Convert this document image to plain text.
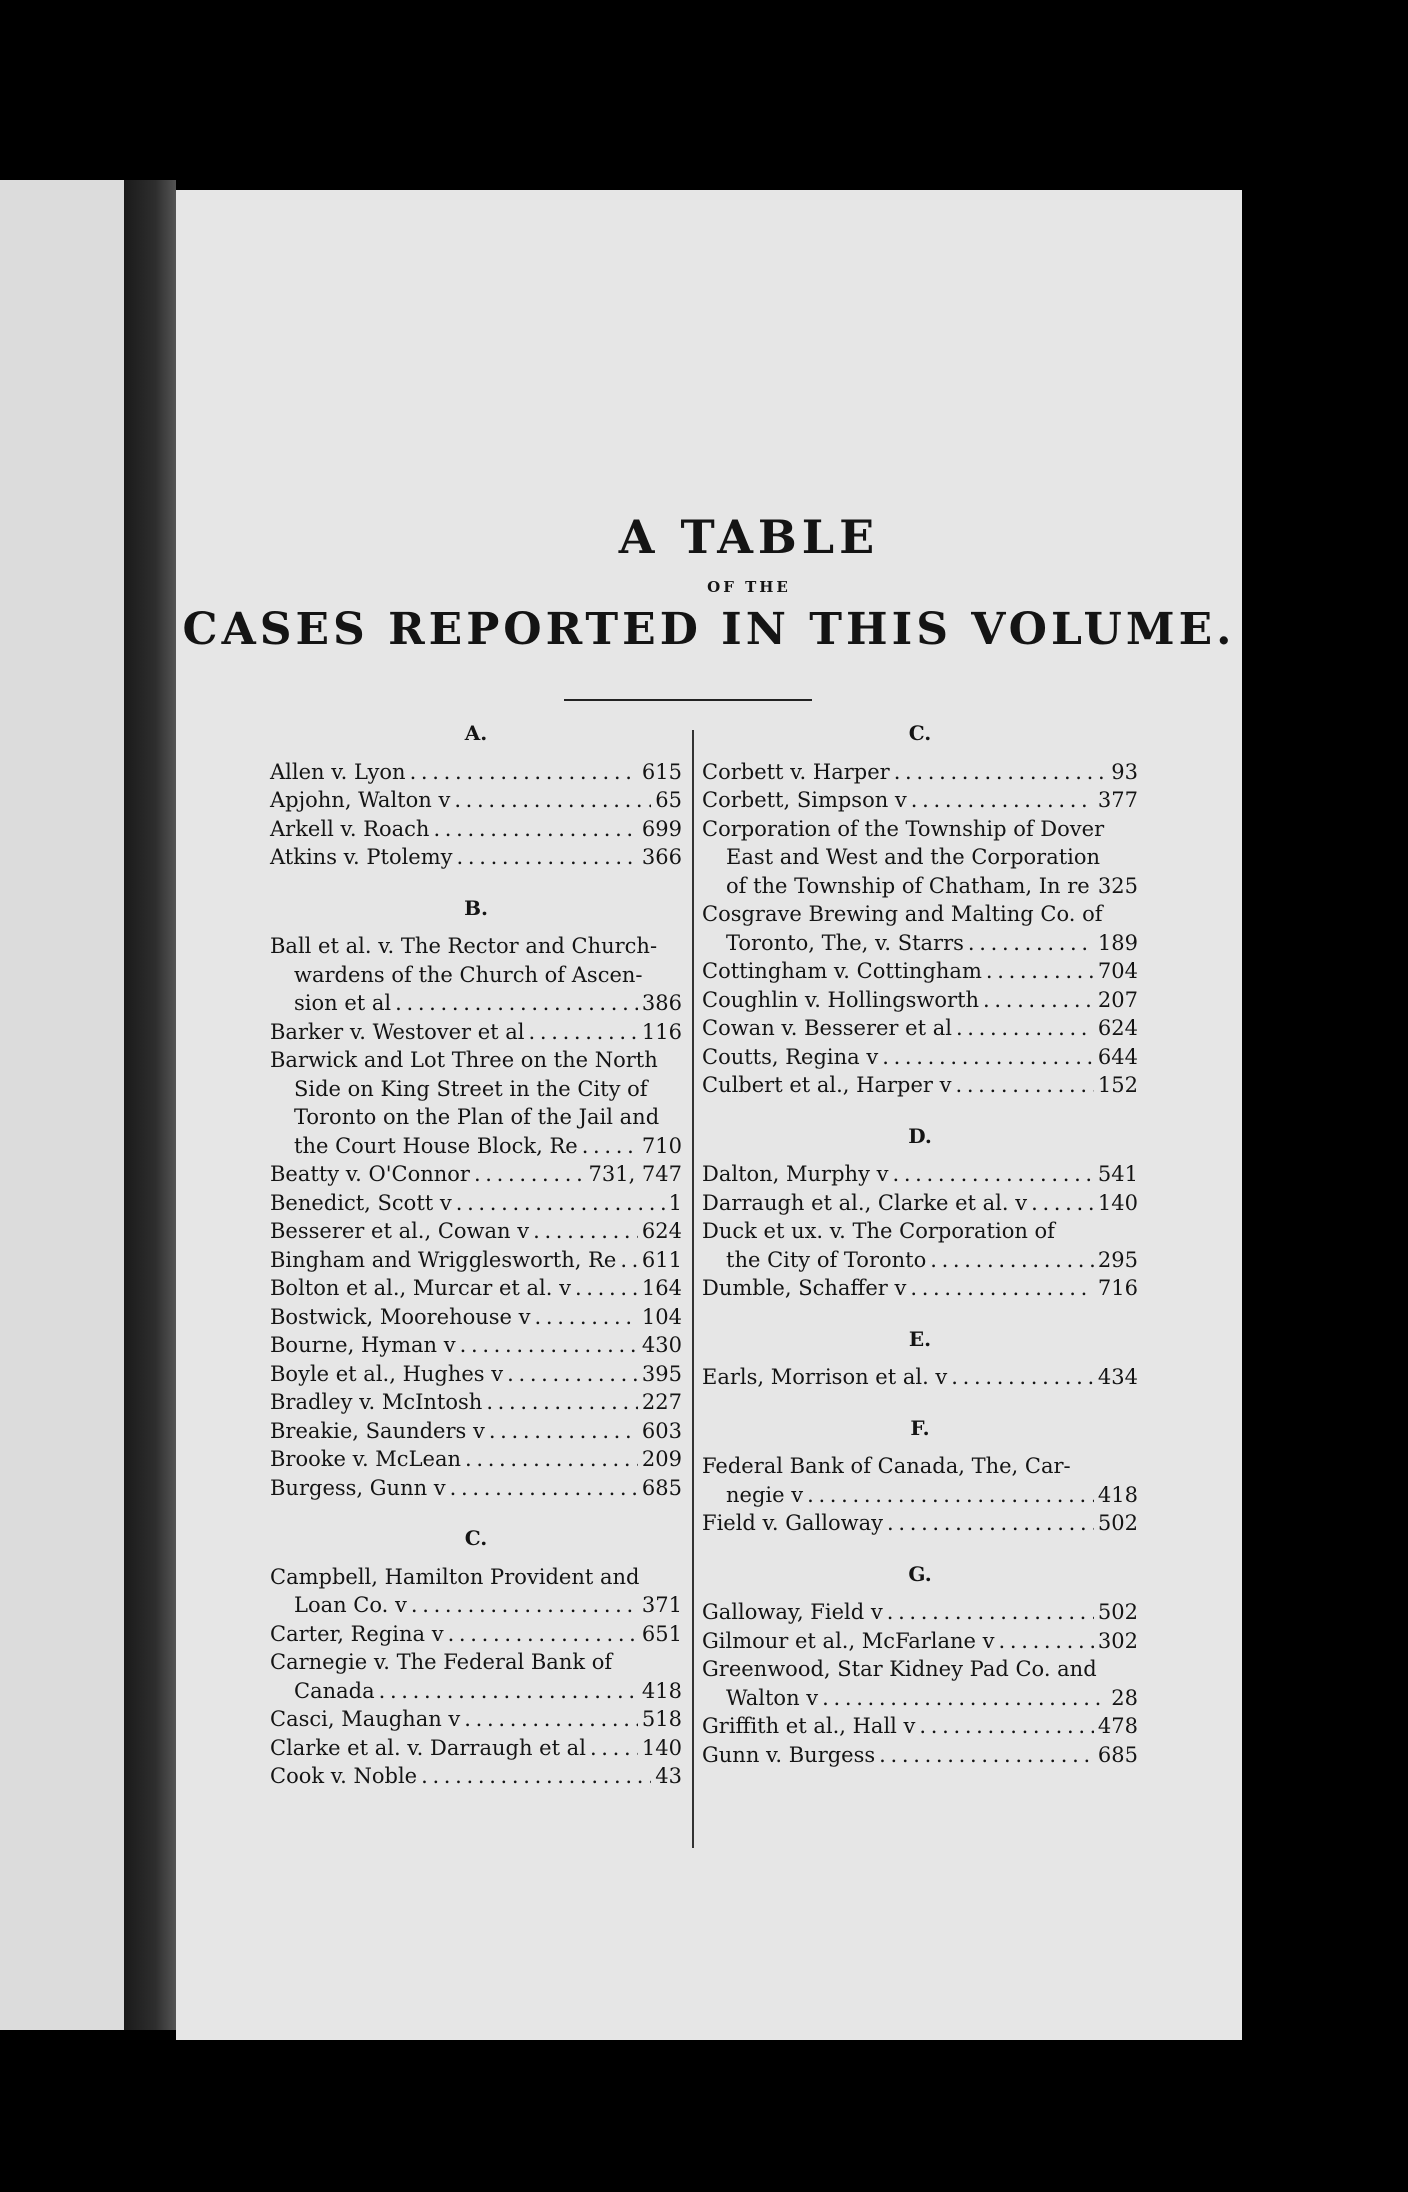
A TABLE
OF THE
CASES REPORTED IN THIS VOLUME.
A.
Allen v. Lyon . . .	615
Apjohn, Walton v . . .	65
Arkell v. Roach . . .	699
Atkins v. Ptolemy . . .	366
B.
Ball et al. v. The Rector and Church-
wardens of the Church of Ascen-
sion et al . . .	386
Barker v. Westover et al . . .	116
Barwick and Lot Three on the North
Side on King Street in the City of
Toronto on the Plan of the Jail and
the Court House Block, Re . . .	710
Beatty v. O'Connor . . .	731, 747
Benedict, Scott v . . .	1
Besserer et al., Cowan v . . .	624
Bingham and Wrigglesworth, Re . . . 611
Bolton et al., Murcar et al. v . . .	164
Bostwick, Moorehouse v . . .	104
Bourne, Hyman v . . .	430
Boyle et al., Hughes v . . .	395
Bradley v. McIntosh . . .	227
Breakie, Saunders v . . .	603
Brooke v. McLean . . .	209
Burgess, Gunn v . . .	685
C.
Campbell, Hamilton Provident and
Loan Co. v . . .	371
Carter, Regina v . . .	651
Carnegie v. The Federal Bank of
Canada . . .	418
Casci, Maughan v . . .	518
Clarke et al. v. Darraugh et al . . .	140
Cook v. Noble . . .	43
C.
Corbett v. Harper . . .	93
Corbett, Simpson v . . .	377
Corporation of the Township of Dover
East and West and the Corporation
of the Township of Chatham, In re . . . 325
Cosgrave Brewing and Malting Co. of
Toronto, The, v. Starrs . . .	189
Cottingham v. Cottingham . . .	704
Coughlin v. Hollingsworth . . .	207
Cowan v. Besserer et al . . .	624
Coutts, Regina v . . .	644
Culbert et al., Harper v . . .	152
D.
Dalton, Murphy v . . .	541
Darraugh et al., Clarke et al. v . . .	140
Duck et ux. v. The Corporation of
the City of Toronto . . .	295
Dumble, Schaffer v . . .	716
E.
Earls, Morrison et al. v . . .	434
F.
Federal Bank of Canada, The, Car-
negie v . . .	418
Field v. Galloway . . .	502
G.
Galloway, Field v . . .	502
Gilmour et al., McFarlane v . . .	302
Greenwood, Star Kidney Pad Co. and
Walton v . . .	28
Griffith et al., Hall v . . .	478
Gunn v. Burgess . . .	685
